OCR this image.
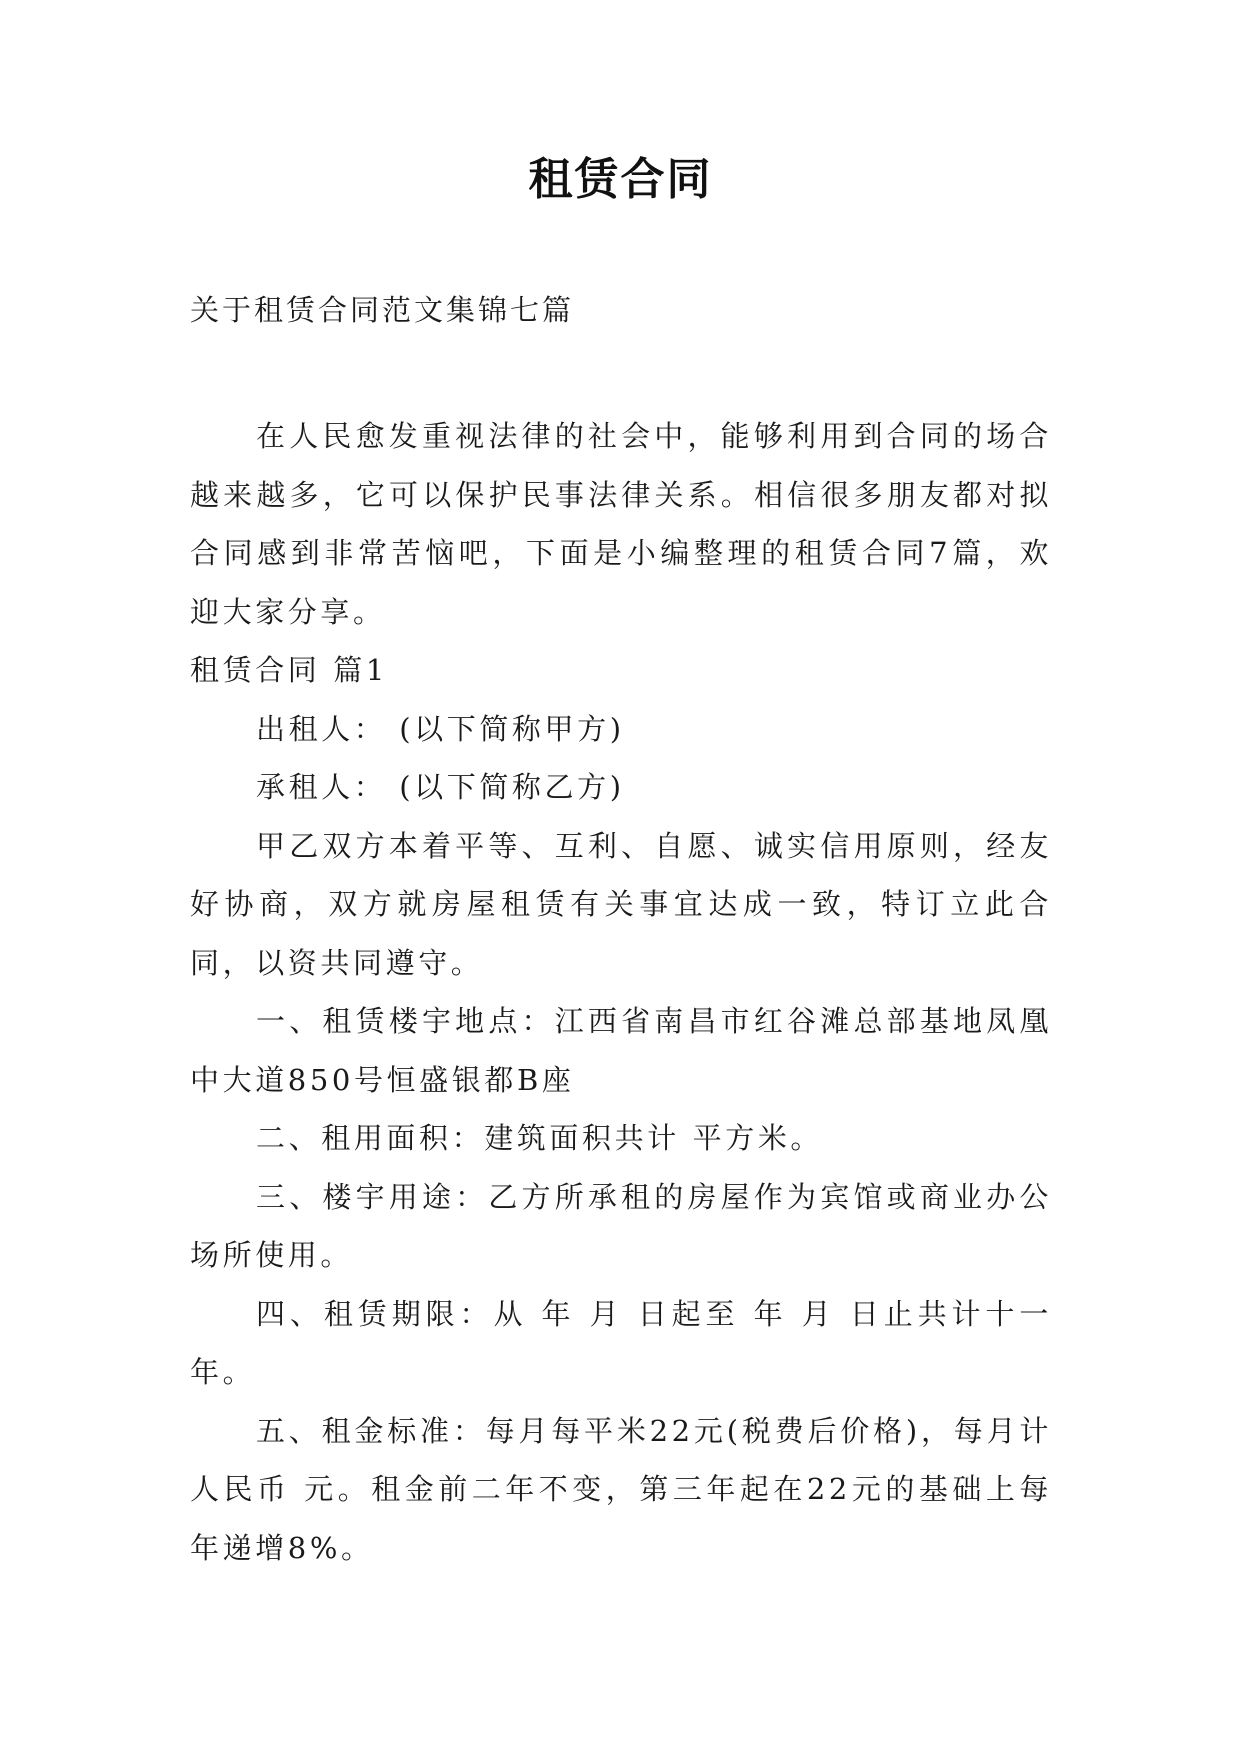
租赁合同

关于租赁合同范文集锦七篇

在人民愈发重视法律的社会中，能够利用到合同的场合越来越多，它可以保护民事法律关系。相信很多朋友都对拟合同感到非常苦恼吧，下面是小编整理的租赁合同7篇，欢迎大家分享。

租赁合同 篇1

出租人： (以下简称甲方)

承租人： (以下简称乙方)

甲乙双方本着平等、互利、自愿、诚实信用原则，经友好协商，双方就房屋租赁有关事宜达成一致，特订立此合同，以资共同遵守。

一、租赁楼宇地点：江西省南昌市红谷滩总部基地凤凰中大道850号恒盛银都B座

二、租用面积：建筑面积共计 平方米。

三、楼宇用途：乙方所承租的房屋作为宾馆或商业办公场所使用。

四、租赁期限：从 年 月 日起至 年 月 日止共计十一年。

五、租金标准：每月每平米22元(税费后价格)，每月计人民币 元。租金前二年不变，第三年起在22元的基础上每年递增8%。
